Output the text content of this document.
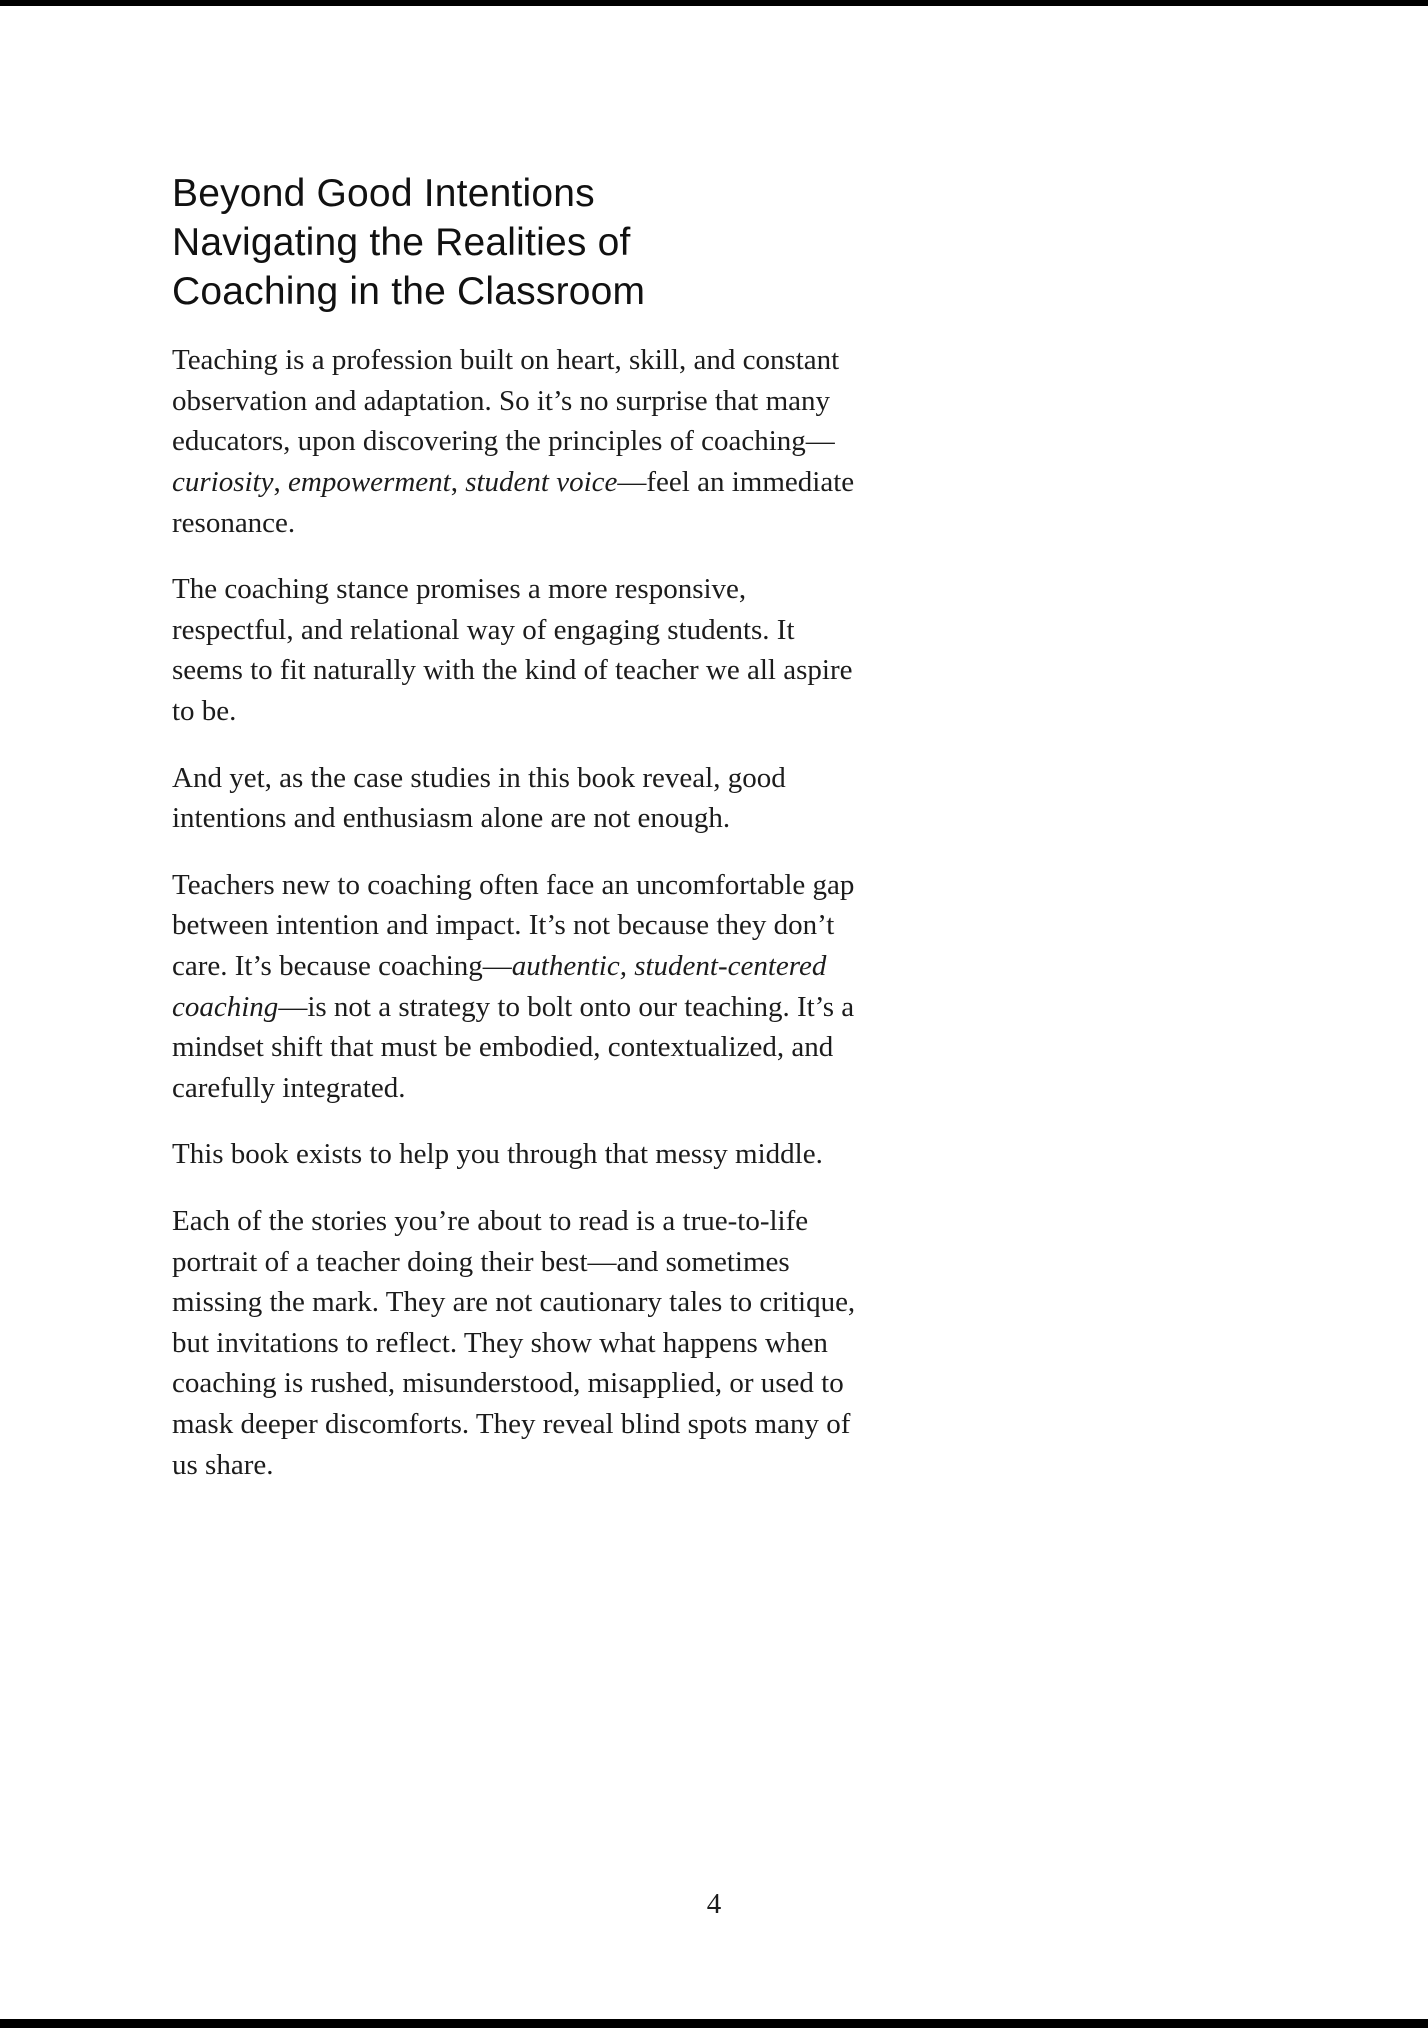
Beyond Good Intentions
Navigating the Realities of
Coaching in the Classroom

Teaching is a profession built on heart, skill, and constant observation and adaptation. So it’s no surprise that many educators, upon discovering the principles of coaching—curiosity, empowerment, student voice—feel an immediate resonance.

The coaching stance promises a more responsive, respectful, and relational way of engaging students. It seems to fit naturally with the kind of teacher we all aspire to be.

And yet, as the case studies in this book reveal, good intentions and enthusiasm alone are not enough.

Teachers new to coaching often face an uncomfortable gap between intention and impact. It’s not because they don’t care. It’s because coaching—authentic, student-centered coaching—is not a strategy to bolt onto our teaching. It’s a mindset shift that must be embodied, contextualized, and carefully integrated.

This book exists to help you through that messy middle.

Each of the stories you’re about to read is a true-to-life portrait of a teacher doing their best—and sometimes missing the mark. They are not cautionary tales to critique, but invitations to reflect. They show what happens when coaching is rushed, misunderstood, misapplied, or used to mask deeper discomforts. They reveal blind spots many of us share.

4
